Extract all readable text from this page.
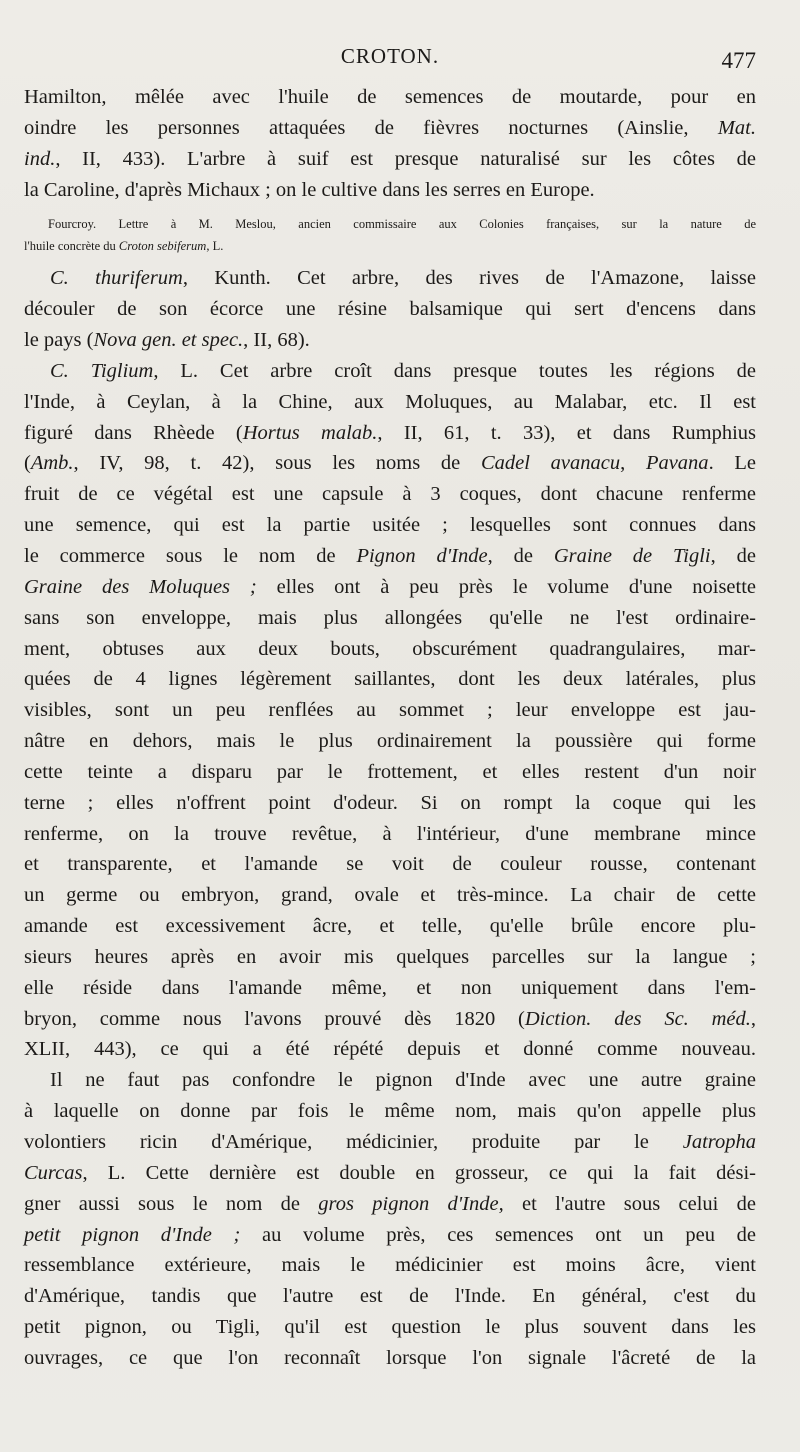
CROTON.	477
Hamilton, mêlée avec l'huile de semences de moutarde, pour en
oindre les personnes attaquées de fièvres nocturnes (Ainslie, Mat.
ind., II, 433). L'arbre à suif est presque naturalisé sur les côtes de
la Caroline, d'après Michaux ; on le cultive dans les serres en Europe.
Fourcroy. Lettre à M. Meslou, ancien commissaire aux Colonies françaises, sur la nature de
l'huile concrète du Croton sebiferum, L.
C. thuriferum, Kunth. Cet arbre, des rives de l'Amazone, laisse
découler de son écorce une résine balsamique qui sert d'encens dans
le pays (Nova gen. et spec., II, 68).
C. Tiglium, L. Cet arbre croît dans presque toutes les régions de
l'Inde, à Ceylan, à la Chine, aux Moluques, au Malabar, etc. Il est
figuré dans Rhèede (Hortus malab., II, 61, t. 33), et dans Rumphius
(Amb., IV, 98, t. 42), sous les noms de Cadel avanacu, Pavana. Le
fruit de ce végétal est une capsule à 3 coques, dont chacune renferme
une semence, qui est la partie usitée ; lesquelles sont connues dans
le commerce sous le nom de Pignon d'Inde, de Graine de Tigli, de
Graine des Moluques ; elles ont à peu près le volume d'une noisette
sans son enveloppe, mais plus allongées qu'elle ne l'est ordinaire-
ment, obtuses aux deux bouts, obscurément quadrangulaires, mar-
quées de 4 lignes légèrement saillantes, dont les deux latérales, plus
visibles, sont un peu renflées au sommet ; leur enveloppe est jau-
nâtre en dehors, mais le plus ordinairement la poussière qui forme
cette teinte a disparu par le frottement, et elles restent d'un noir
terne ; elles n'offrent point d'odeur. Si on rompt la coque qui les
renferme, on la trouve revêtue, à l'intérieur, d'une membrane mince
et transparente, et l'amande se voit de couleur rousse, contenant
un germe ou embryon, grand, ovale et très-mince. La chair de cette
amande est excessivement âcre, et telle, qu'elle brûle encore plu-
sieurs heures après en avoir mis quelques parcelles sur la langue ;
elle réside dans l'amande même, et non uniquement dans l'em-
bryon, comme nous l'avons prouvé dès 1820 (Diction. des Sc. méd.,
XLII, 443), ce qui a été répété depuis et donné comme nouveau.
Il ne faut pas confondre le pignon d'Inde avec une autre graine
à laquelle on donne par fois le même nom, mais qu'on appelle plus
volontiers ricin d'Amérique, médicinier, produite par le Jatropha
Curcas, L. Cette dernière est double en grosseur, ce qui la fait dési-
gner aussi sous le nom de gros pignon d'Inde, et l'autre sous celui de
petit pignon d'Inde ; au volume près, ces semences ont un peu de
ressemblance extérieure, mais le médicinier est moins âcre, vient
d'Amérique, tandis que l'autre est de l'Inde. En général, c'est du
petit pignon, ou Tigli, qu'il est question le plus souvent dans les
ouvrages, ce que l'on reconnaît lorsque l'on signale l'âcreté de la
